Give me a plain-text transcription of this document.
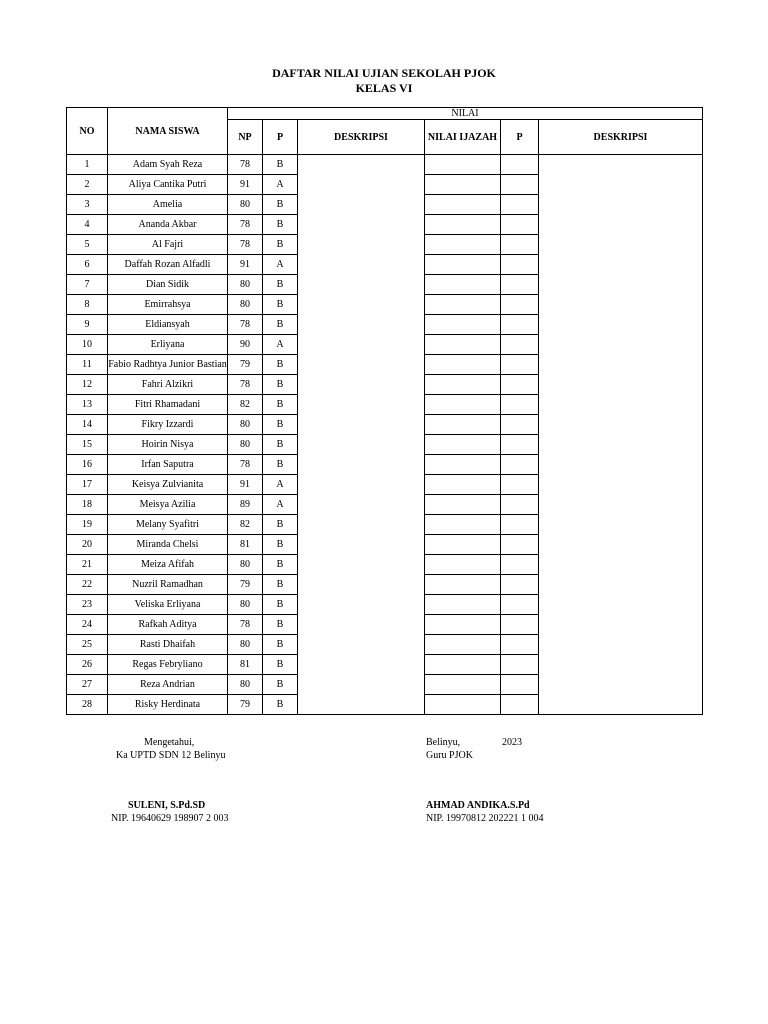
DAFTAR NILAI UJIAN SEKOLAH PJOK
KELAS VI
NO	NAMA SISWA	NILAI					
		NP	P	DESKRIPSI	NILAI IJAZAH	P	DESKRIPSI
1	Adam Syah Reza	78	B				
2	Aliya Cantika Putri	91	A				
3	Amelia	80	B				
4	Ananda Akbar	78	B				
5	Al Fajri	78	B				
6	Daffah Rozan Alfadli	91	A				
7	Dian Sidik	80	B				
8	Emirrahsya	80	B				
9	Eldiansyah	78	B				
10	Erliyana	90	A				
11	Fabio Radhtya Junior Bastian	79	B				
12	Fahri Alzikri	78	B				
13	Fitri Rhamadani	82	B				
14	Fikry Izzardi	80	B				
15	Hoirin Nisya	80	B				
16	Irfan Saputra	78	B				
17	Keisya Zulvianita	91	A				
18	Meisya Azilia	89	A				
19	Melany Syafitri	82	B				
20	Miranda Chelsi	81	B				
21	Meiza Afifah	80	B				
22	Nuzril Ramadhan	79	B				
23	Veliska Erliyana	80	B				
24	Rafkah Aditya	78	B				
25	Rasti Dhaifah	80	B				
26	Regas Febryliano	81	B				
27	Reza Andrian	80	B				
28	Risky Herdinata	79	B				
Mengetahui,
Ka UPTD SDN 12 Belinyu
SULENI, S.Pd.SD
NIP. 19640629 198907 2 003
Belinyu,	2023
Guru PJOK
AHMAD ANDIKA.S.Pd
NIP. 19970812 202221 1 004
